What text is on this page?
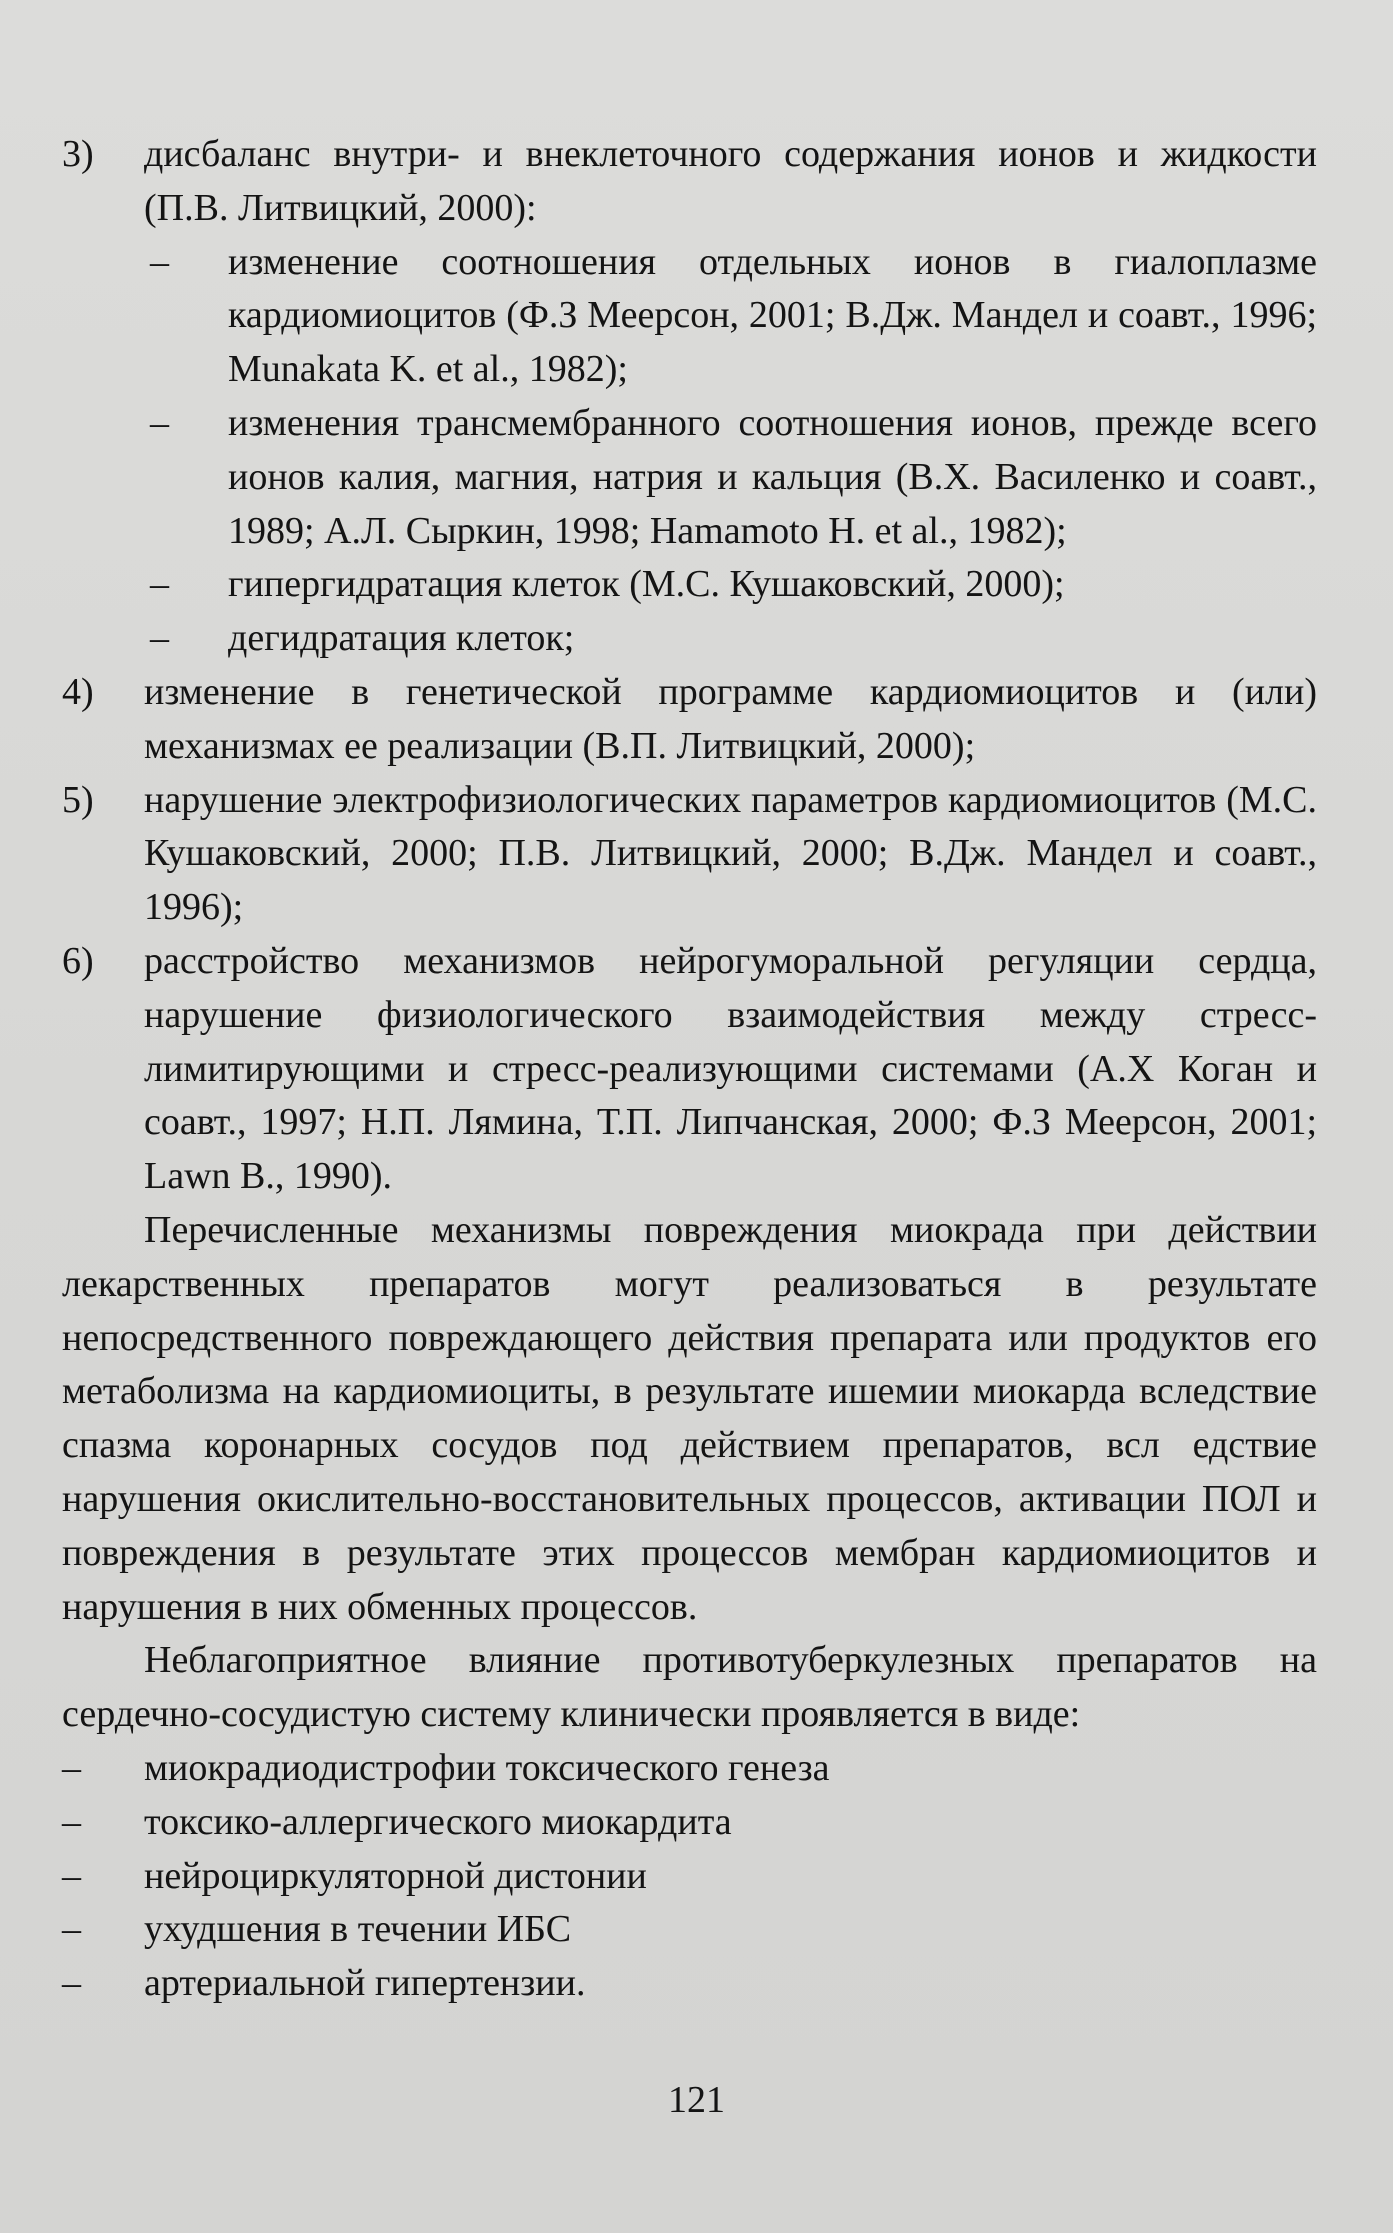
3)	дисбаланс внутри- и внеклеточного содержания ионов и жидкости (П.В. Литвицкий, 2000):
–	изменение соотношения отдельных ионов в гиалоплазме кардиомиоцитов (Ф.З Меерсон, 2001; В.Дж. Мандел и соавт., 1996; Munakata K. et al., 1982);
–	изменения трансмембранного соотношения ионов, прежде всего ионов калия, магния, натрия и кальция (В.Х. Василенко и соавт., 1989; А.Л. Сыркин, 1998; Hamamoto H. et al., 1982);
–	гипергидратация клеток (М.С. Кушаковский, 2000);
–	дегидратация клеток;
4)	изменение в генетической программе кардиомиоцитов и (или) механизмах ее реализации (В.П. Литвицкий, 2000);
5)	нарушение электрофизиологических параметров кардиомиоцитов (М.С. Кушаковский, 2000; П.В. Литвицкий, 2000; В.Дж. Мандел и соавт., 1996);
6)	расстройство механизмов нейрогуморальной регуляции сердца, нарушение физиологического взаимодействия между стресс-лимитирующими и стресс-реализующими системами (А.Х Коган и соавт., 1997; Н.П. Лямина, Т.П. Липчанская, 2000; Ф.З Меерсон, 2001; Lawn B., 1990).

Перечисленные механизмы повреждения миокрада при действии лекарственных препаратов могут реализоваться в результате непосредственного повреждающего действия препарата или продуктов его метаболизма на кардиомиоциты, в результате ишемии миокарда вследствие спазма коронарных сосудов под действием препаратов, всл едствие нарушения окислительно-восстановительных процессов, активации ПОЛ и повреждения в результате этих процессов мембран кардиомиоцитов и нарушения в них обменных процессов.

Неблагоприятное влияние противотуберкулезных препаратов на сердечно-сосудистую систему клинически проявляется в виде:

–	миокрадиодистрофии токсического генеза
–	токсико-аллергического миокардита
–	нейроциркуляторной дистонии
–	ухудшения в течении ИБС
–	артериальной гипертензии.
121
